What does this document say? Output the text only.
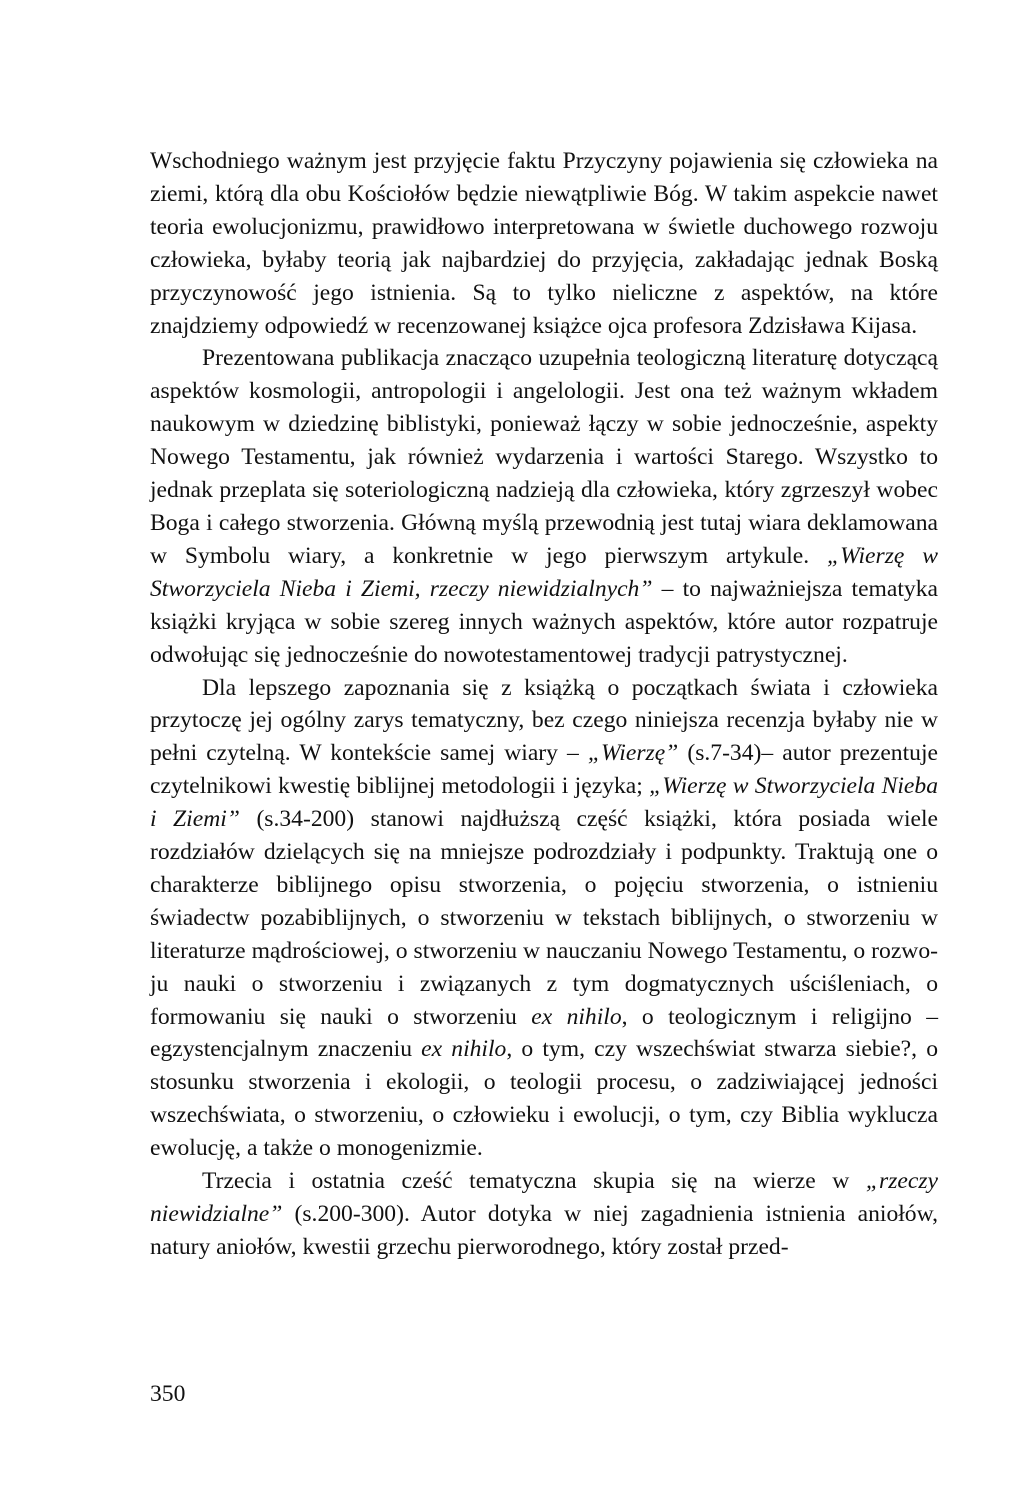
Wschodniego ważnym jest przyjęcie faktu Przyczyny pojawienia się człowieka na ziemi, którą dla obu Kościołów będzie niewątpliwie Bóg. W takim aspekcie nawet teoria ewolucjonizmu, prawidłowo interpretowana w świetle duchowego rozwoju człowieka, byłaby teorią jak najbardziej do przyjęcia, zakładając jednak Boską przyczynowość jego istnienia. Są to tylko nieliczne z aspektów, na które znajdziemy odpowiedź w recenzowanej książce ojca profesora Zdzisława Kijasa.

Prezentowana publikacja znacząco uzupełnia teologiczną literaturę dotyczącą aspektów kosmologii, antropologii i angelologii. Jest ona też ważnym wkładem naukowym w dziedzinę biblistyki, ponieważ łączy w sobie jednocześnie, aspekty Nowego Testamentu, jak również wydarzenia i wartości Starego. Wszystko to jednak przeplata się soteriologiczną nadzieją dla człowieka, który zgrzeszył wobec Boga i całego stworzenia. Główną myślą przewodnią jest tutaj wiara deklamowana w Symbolu wiary, a konkretnie w jego pierwszym artykule. „Wierzę w Stworzyciela Nieba i Ziemi, rzeczy niewidzialnych” – to najważniejsza tematyka książki kryjąca w sobie szereg innych ważnych aspektów, które autor rozpatruje odwołując się jednocześnie do nowotestamentowej tradycji patrystycznej.

Dla lepszego zapoznania się z książką o początkach świata i człowieka przytoczę jej ogólny zarys tematyczny, bez czego niniejsza recenzja byłaby nie w pełni czytelną. W kontekście samej wiary – „Wierzę” (s.7-34)– autor prezentuje czytelnikowi kwestię biblijnej metodologii i języka; „Wierzę w Stworzyciela Nieba i Ziemi” (s.34-200) stanowi najdłuższą część książki, która posiada wiele rozdziałów dzielących się na mniejsze podrozdziały i podpunkty. Traktują one o charakterze biblijnego opisu stworzenia, o pojęciu stworzenia, o istnieniu świadectw pozabiblijnych, o stworzeniu w tekstach biblijnych, o stworzeniu w literaturze mądrościowej, o stworzeniu w nauczaniu Nowego Testamentu, o rozwoju nauki o stworzeniu i związanych z tym dogmatycznych uściśleniach, o formowaniu się nauki o stworzeniu ex nihilo, o teologicznym i religijno – egzystencjalnym znaczeniu ex nihilo, o tym, czy wszechświat stwarza siebie?, o stosunku stworzenia i ekologii, o teologii procesu, o zadziwiającej jedności wszechświata, o stworzeniu, o człowieku i ewolucji, o tym, czy Biblia wyklucza ewolucję, a także o monogenizmie.

Trzecia i ostatnia cześć tematyczna skupia się na wierze w „rzeczy niewidzialne” (s.200-300). Autor dotyka w niej zagadnienia istnienia aniołów, natury aniołów, kwestii grzechu pierworodnego, który został przed-

350
